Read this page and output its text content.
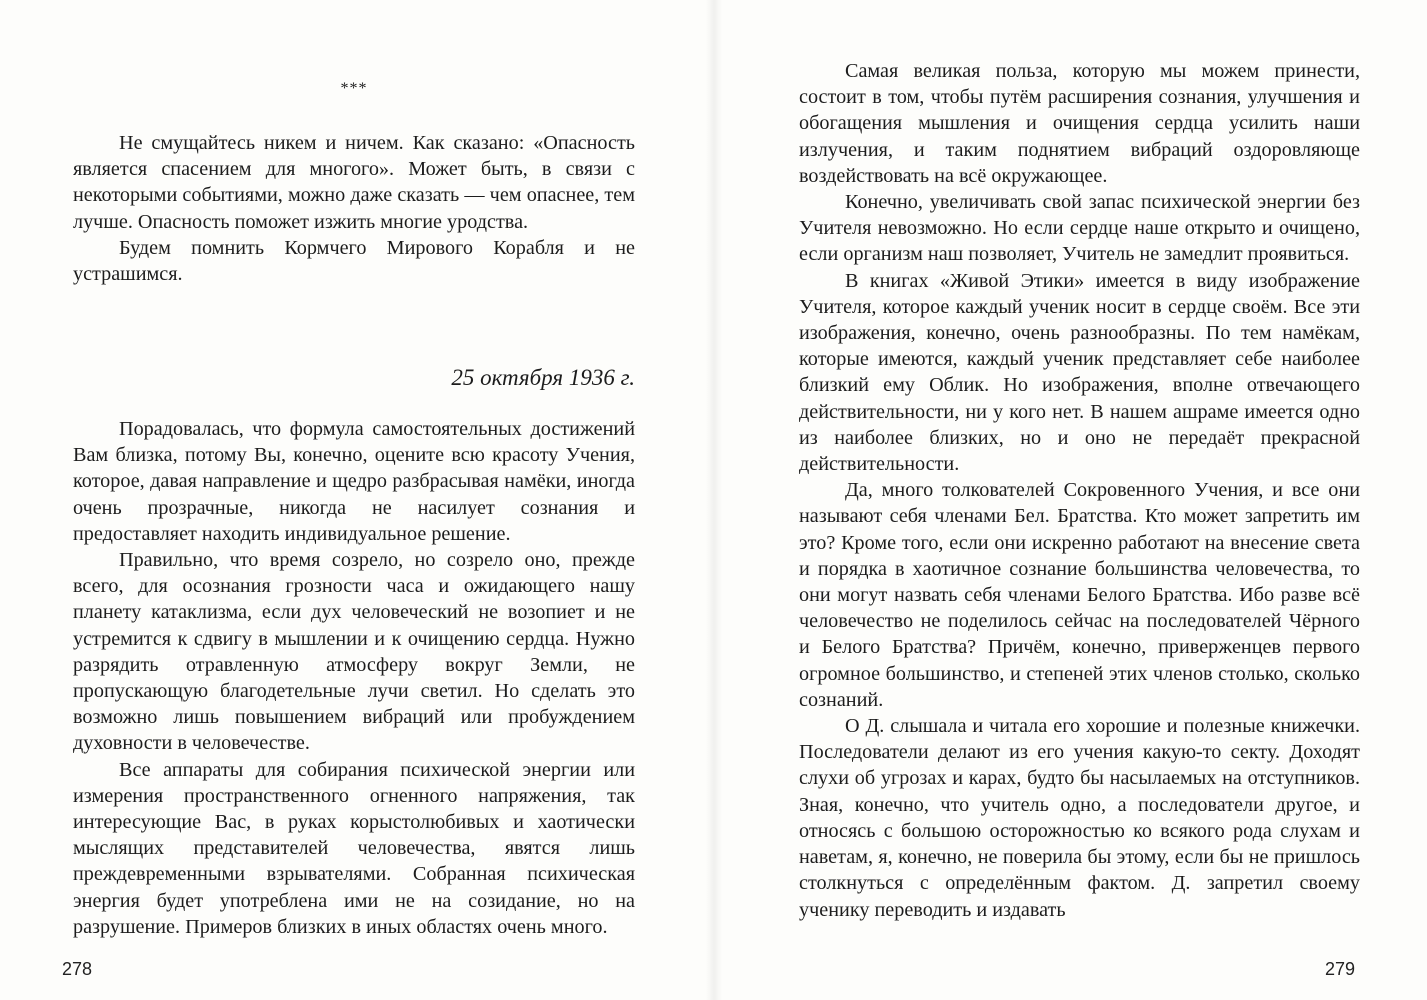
***

Не смущайтесь никем и ничем. Как сказано: «Опасность является спасением для многого». Может быть, в связи с некоторыми событиями, можно даже сказать — чем опаснее, тем лучше. Опасность поможет изжить многие уродства.

Будем помнить Кормчего Мирового Корабля и не устрашимся.

25 октября 1936 г.

Порадовалась, что формула самостоятельных достижений Вам близка, потому Вы, конечно, оцените всю красоту Учения, которое, давая направление и щедро разбрасывая намёки, иногда очень прозрачные, никогда не насилует сознания и предоставляет находить индивидуальное решение.

Правильно, что время созрело, но созрело оно, прежде всего, для осознания грозности часа и ожидающего нашу планету катаклизма, если дух человеческий не возопиет и не устремится к сдвигу в мышлении и к очищению сердца. Нужно разрядить отравленную атмосферу вокруг Земли, не пропускающую благодетельные лучи светил. Но сделать это возможно лишь повышением вибраций или пробуждением духовности в человечестве.

Все аппараты для собирания психической энергии или измерения пространственного огненного напряжения, так интересующие Вас, в руках корыстолюбивых и хаотически мыслящих представителей человечества, явятся лишь преждевременными взрывателями. Собранная психическая энергия будет употреблена ими не на созидание, но на разрушение. Примеров близких в иных областях очень много.

278

Самая великая польза, которую мы можем принести, состоит в том, чтобы путём расширения сознания, улучшения и обогащения мышления и очищения сердца усилить наши излучения, и таким поднятием вибраций оздоровляюще воздействовать на всё окружающее.

Конечно, увеличивать свой запас психической энергии без Учителя невозможно. Но если сердце наше открыто и очищено, если организм наш позволяет, Учитель не замедлит проявиться.

В книгах «Живой Этики» имеется в виду изображение Учителя, которое каждый ученик носит в сердце своём. Все эти изображения, конечно, очень разнообразны. По тем намёкам, которые имеются, каждый ученик представляет себе наиболее близкий ему Облик. Но изображения, вполне отвечающего действительности, ни у кого нет. В нашем ашраме имеется одно из наиболее близких, но и оно не передаёт прекрасной действительности.

Да, много толкователей Сокровенного Учения, и все они называют себя членами Бел. Братства. Кто может запретить им это? Кроме того, если они искренно работают на внесение света и порядка в хаотичное сознание большинства человечества, то они могут назвать себя членами Белого Братства. Ибо разве всё человечество не поделилось сейчас на последователей Чёрного и Белого Братства? Причём, конечно, приверженцев первого огромное большинство, и степеней этих членов столько, сколько сознаний.

О Д. слышала и читала его хорошие и полезные книжечки. Последователи делают из его учения какую-то секту. Доходят слухи об угрозах и карах, будто бы насылаемых на отступников. Зная, конечно, что учитель одно, а последователи другое, и относясь с большою осторожностью ко всякого рода слухам и наветам, я, конечно, не поверила бы этому, если бы не пришлось столкнуться с определённым фактом. Д. запретил своему ученику переводить и издавать

279
